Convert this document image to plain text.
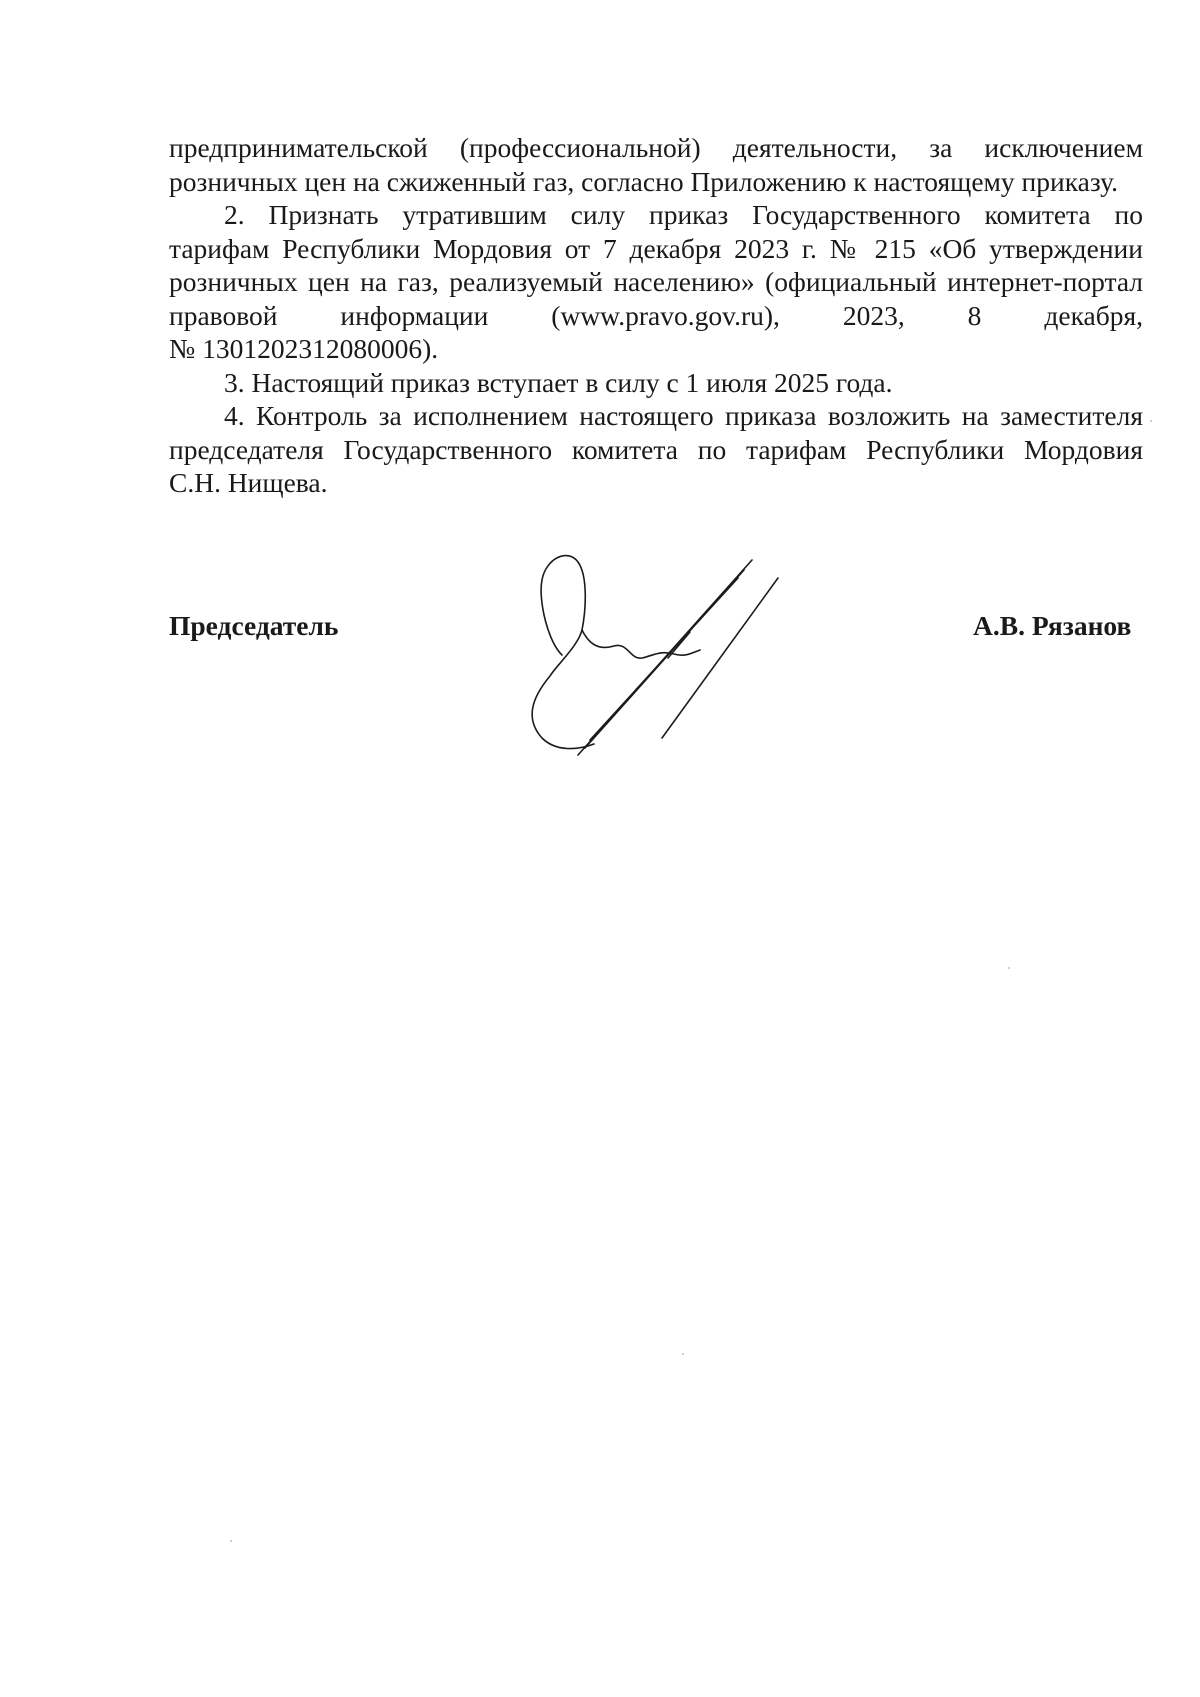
предпринимательской (профессиональной) деятельности, за исключением
розничных цен на сжиженный газ, согласно Приложению к настоящему приказу.

2. Признать утратившим силу приказ Государственного комитета по
тарифам Республики Мордовия от 7 декабря 2023 г. № 215 «Об утверждении
розничных цен на газ, реализуемый населению» (официальный интернет-портал
правовой информации (www.pravo.gov.ru), 2023, 8 декабря,
№ 1301202312080006).

3. Настоящий приказ вступает в силу с 1 июля 2025 года.

4. Контроль за исполнением настоящего приказа возложить на заместителя
председателя Государственного комитета по тарифам Республики Мордовия
С.Н. Нищева.

Председатель	А.В. Рязанов
